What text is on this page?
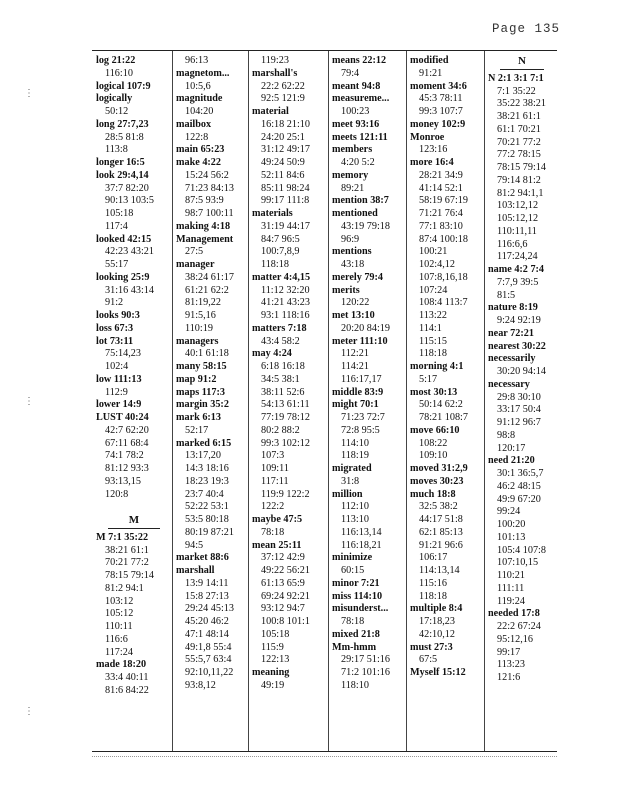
Page 135
⋮
⋮
⋮
log 21:22
116:10
logical 107:9
logically
50:12
long 27:7,23
28:5 81:8
113:8
longer 16:5
look 29:4,14
37:7 82:20
90:13 103:5
105:18
117:4
looked 42:15
42:23 43:21
55:17
looking 25:9
31:16 43:14
91:2
looks 90:3
loss 67:3
lot 73:11
75:14,23
102:4
low 111:13
112:9
lower 14:9
LUST 40:24
42:7 62:20
67:11 68:4
74:1 78:2
81:12 93:3
93:13,15
120:8
M
M 7:1 35:22
38:21 61:1
70:21 77:2
78:15 79:14
81:2 94:1
103:12
105:12
110:11
116:6
117:24
made 18:20
33:4 40:11
81:6 84:22
96:13
magnetom...
10:5,6
magnitude
104:20
mailbox
122:8
main 65:23
make 4:22
15:24 56:2
71:23 84:13
87:5 93:9
98:7 100:11
making 4:18
Management
27:5
manager
38:24 61:17
61:21 62:2
81:19,22
91:5,16
110:19
managers
40:1 61:18
many 58:15
map 91:2
maps 117:3
margin 35:2
mark 6:13
52:17
marked 6:15
13:17,20
14:3 18:16
18:23 19:3
23:7 40:4
52:22 53:1
53:5 80:18
80:19 87:21
94:5
market 88:6
marshall
13:9 14:11
15:8 27:13
29:24 45:13
45:20 46:2
47:1 48:14
49:1,8 55:4
55:5,7 63:4
92:10,11,22
93:8,12
119:23
marshall's
22:2 62:22
92:5 121:9
material
16:18 21:10
24:20 25:1
31:12 49:17
49:24 50:9
52:11 84:6
85:11 98:24
99:17 111:8
materials
31:19 44:17
84:7 96:5
100:7,8,9
118:18
matter 4:4,15
11:12 32:20
41:21 43:23
93:1 118:16
matters 7:18
43:4 58:2
may 4:24
6:18 16:18
34:5 38:1
38:11 52:6
54:13 61:11
77:19 78:12
80:2 88:2
99:3 102:12
107:3
109:11
117:11
119:9 122:2
122:2
maybe 47:5
78:18
mean 25:11
37:12 42:9
49:22 56:21
61:13 65:9
69:24 92:21
93:12 94:7
100:8 101:1
105:18
115:9
122:13
meaning
49:19
means 22:12
79:4
meant 94:8
measureme...
100:23
meet 93:16
meets 121:11
members
4:20 5:2
memory
89:21
mention 38:7
mentioned
43:19 79:18
96:9
mentions
43:18
merely 79:4
merits
120:22
met 13:10
20:20 84:19
meter 111:10
112:21
114:21
116:17,17
middle 83:9
might 70:1
71:23 72:7
72:8 95:5
114:10
118:19
migrated
31:8
million
112:10
113:10
116:13,14
116:18,21
minimize
60:15
minor 7:21
miss 114:10
misunderst...
78:18
mixed 21:8
Mm-hmm
29:17 51:16
71:2 101:16
118:10
modified
91:21
moment 34:6
45:3 78:11
99:3 107:7
money 102:9
Monroe
123:16
more 16:4
28:21 34:9
41:14 52:1
58:19 67:19
71:21 76:4
77:1 83:10
87:4 100:18
100:21
102:4,12
107:8,16,18
107:24
108:4 113:7
113:22
114:1
115:15
118:18
morning 4:1
5:17
most 30:13
50:14 62:2
78:21 108:7
move 66:10
108:22
109:10
moved 31:2,9
moves 30:23
much 18:8
32:5 38:2
44:17 51:8
62:1 85:13
91:21 96:6
106:17
114:13,14
115:16
118:18
multiple 8:4
17:18,23
42:10,12
must 27:3
67:5
Myself 15:12
N
N 2:1 3:1 7:1
7:1 35:22
35:22 38:21
38:21 61:1
61:1 70:21
70:21 77:2
77:2 78:15
78:15 79:14
79:14 81:2
81:2 94:1,1
103:12,12
105:12,12
110:11,11
116:6,6
117:24,24
name 4:2 7:4
7:7,9 39:5
81:5
nature 8:19
9:24 92:19
near 72:21
nearest 30:22
necessarily
30:20 94:14
necessary
29:8 30:10
33:17 50:4
91:12 96:7
98:8
120:17
need 21:20
30:1 36:5,7
46:2 48:15
49:9 67:20
99:24
100:20
101:13
105:4 107:8
107:10,15
110:21
111:11
119:24
needed 17:8
22:2 67:24
95:12,16
99:17
113:23
121:6
